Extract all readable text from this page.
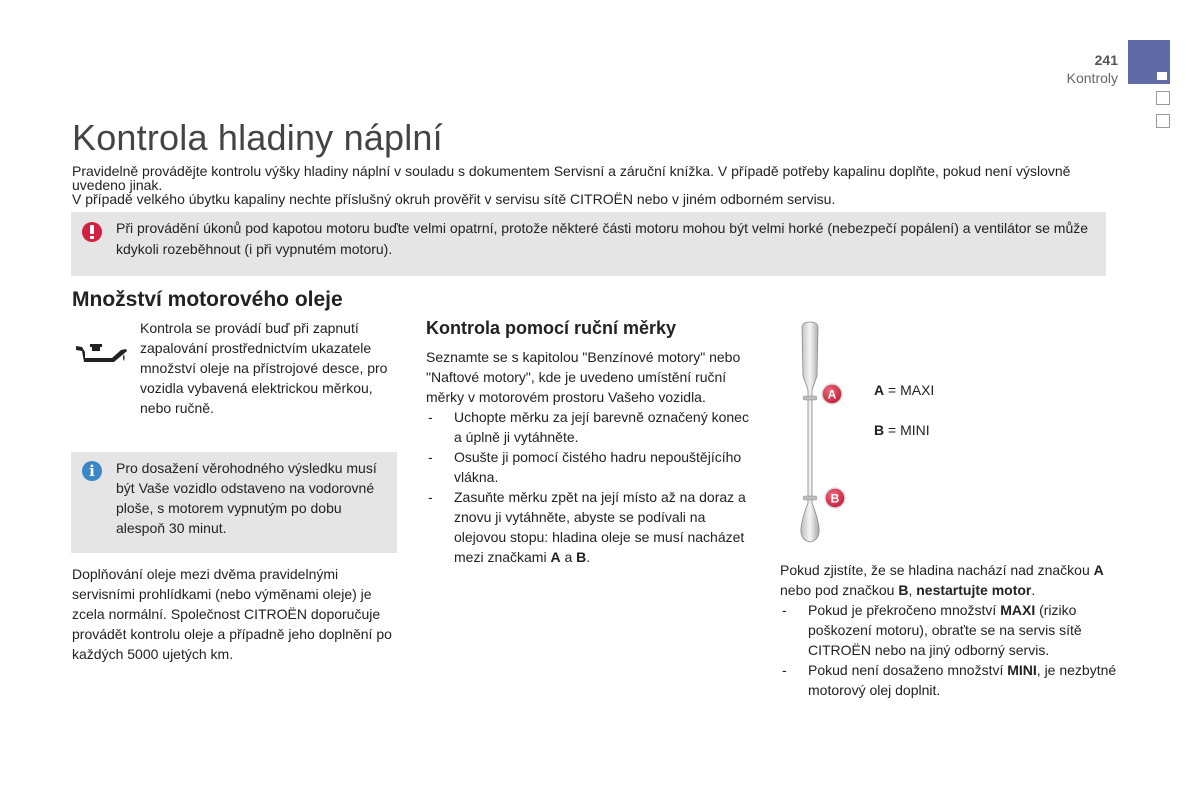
241
Kontroly
Kontrola hladiny náplní

Pravidelně provádějte kontrolu výšky hladiny náplní v souladu s dokumentem Servisní a záruční knížka. V případě potřeby kapalinu doplňte, pokud není výslovně uvedeno jinak.

V případě velkého úbytku kapaliny nechte příslušný okruh prověřit v servisu sítě CITROËN nebo v jiném odborném servisu.

Při provádění úkonů pod kapotou motoru buďte velmi opatrní, protože některé části motoru mohou být velmi horké (nebezpečí popálení) a ventilátor se může kdykoli rozeběhnout (i při vypnutém motoru).
Množství motorového oleje
Kontrola se provádí buď při zapnutí zapalování prostřednictvím ukazatele množství oleje na přístrojové desce, pro vozidla vybavená elektrickou měrkou, nebo ručně.
i	Pro dosažení věrohodného výsledku musí být Vaše vozidlo odstaveno na vodorovné ploše, s motorem vypnutým po dobu alespoň 30 minut.
Doplňování oleje mezi dvěma pravidelnými servisními prohlídkami (nebo výměnami oleje) je zcela normální. Společnost CITROËN doporučuje provádět kontrolu oleje a případně jeho doplnění po každých 5000 ujetých km.
Kontrola pomocí ruční měrky

Seznamte se s kapitolou "Benzínové motory" nebo "Naftové motory", kde je uvedeno umístění ruční měrky v motorovém prostoru Vašeho vozidla.

- Uchopte měrku za její barevně označený konec a úplně ji vytáhněte.
- Osušte ji pomocí čistého hadru nepouštějícího vlákna.
- Zasuňte měrku zpět na její místo až na doraz a znovu ji vytáhněte, abyste se podívali na olejovou stopu: hladina oleje se musí nacházet mezi značkami A a B.
A
B
A = MAXI
B = MINI

Pokud zjistíte, že se hladina nachází nad značkou A nebo pod značkou B, nestartujte motor.

- Pokud je překročeno množství MAXI (riziko poškození motoru), obraťte se na servis sítě CITROËN nebo na jiný odborný servis.
- Pokud není dosaženo množství MINI, je nezbytné motorový olej doplnit.
